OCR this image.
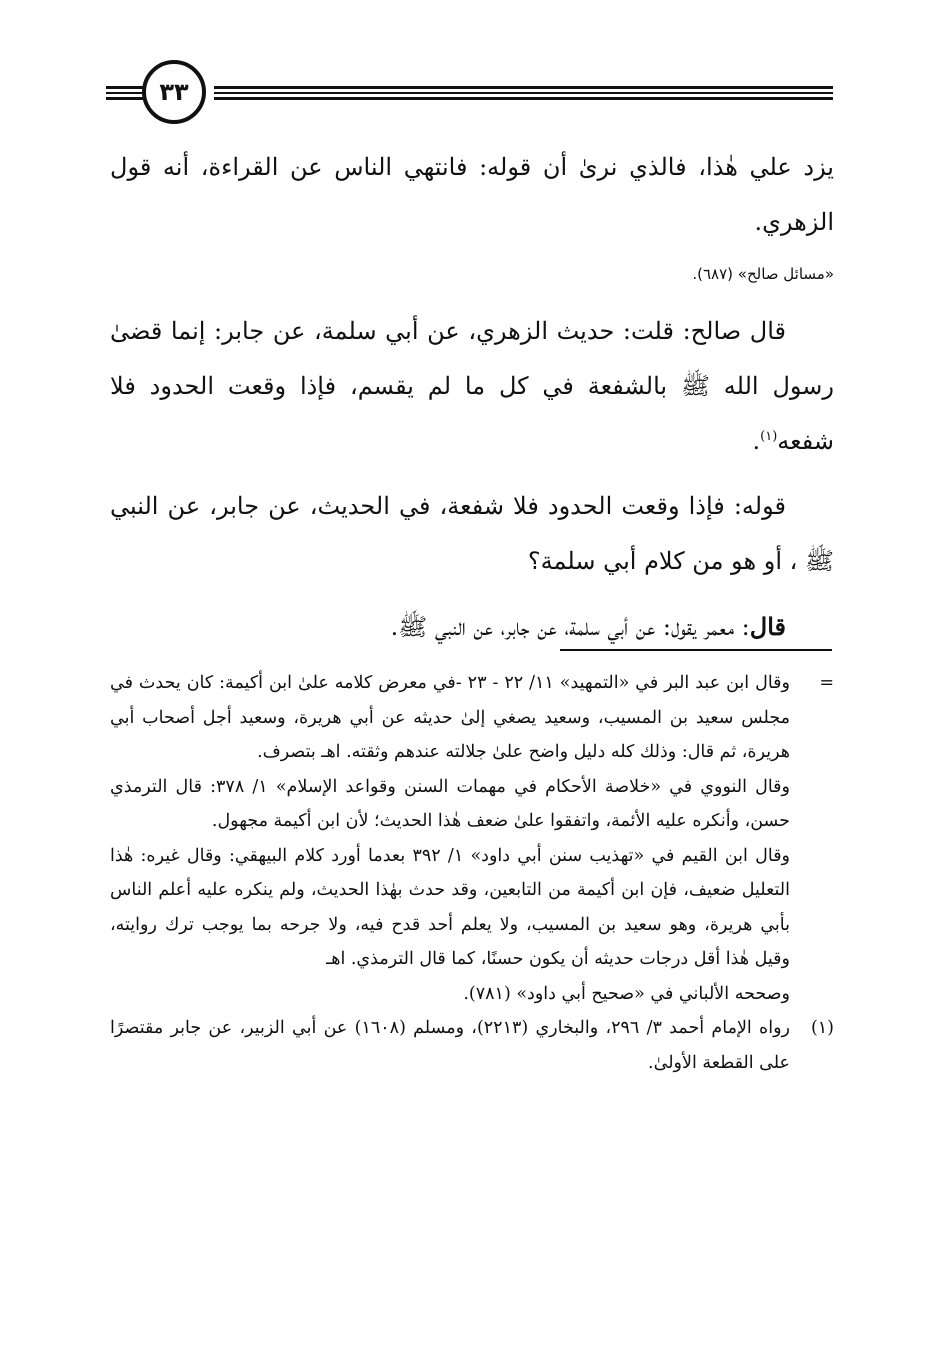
٣٣

يزد علي هٰذا، فالذي نرىٰ أن قوله: فانتهي الناس عن القراءة، أنه قول الزهري.

«مسائل صالح» (٦٨٧).

قال صالح: قلت: حديث الزهري، عن أبي سلمة، عن جابر: إنما قضىٰ رسول الله ﷺ بالشفعة في كل ما لم يقسم، فإذا وقعت الحدود فلا شفعه$^{(١)}$.

قوله: فإذا وقعت الحدود فلا شفعة، في الحديث، عن جابر، عن النبي ﷺ ، أو هو من كلام أبي سلمة؟

قال: معمر يقول: عن أبي سلمة، عن جابر، عن النبي ﷺ.

=
وقال ابن عبد البر في «التمهيد» ١١/ ٢٢ - ٢٣ -في معرض كلامه علىٰ ابن أكيمة: كان يحدث في مجلس سعيد بن المسيب، وسعيد يصغي إلىٰ حديثه عن أبي هريرة، وسعيد أجل أصحاب أبي هريرة، ثم قال: وذلك كله دليل واضح علىٰ جلالته عندهم وثقته. اهـ بتصرف.

وقال النووي في «خلاصة الأحكام في مهمات السنن وقواعد الإسلام» ١/ ٣٧٨: قال الترمذي حسن، وأنكره عليه الأئمة، واتفقوا علىٰ ضعف هٰذا الحديث؛ لأن ابن أكيمة مجهول.

وقال ابن القيم في «تهذيب سنن أبي داود» ١/ ٣٩٢ بعدما أورد كلام البيهقي: وقال غيره: هٰذا التعليل ضعيف، فإن ابن أكيمة من التابعين، وقد حدث بهٰذا الحديث، ولم ينكره عليه أعلم الناس بأبي هريرة، وهو سعيد بن المسيب، ولا يعلم أحد قدح فيه، ولا جرحه بما يوجب ترك روايته، وقيل هٰذا أقل درجات حديثه أن يكون حسنًا، كما قال الترمذي. اهـ

وصححه الألباني في «صحيح أبي داود» (٧٨١).

(١)
رواه الإمام أحمد ٣/ ٢٩٦، والبخاري (٢٢١٣)، ومسلم (١٦٠٨) عن أبي الزبير، عن جابر مقتصرًا على القطعة الأولىٰ.
